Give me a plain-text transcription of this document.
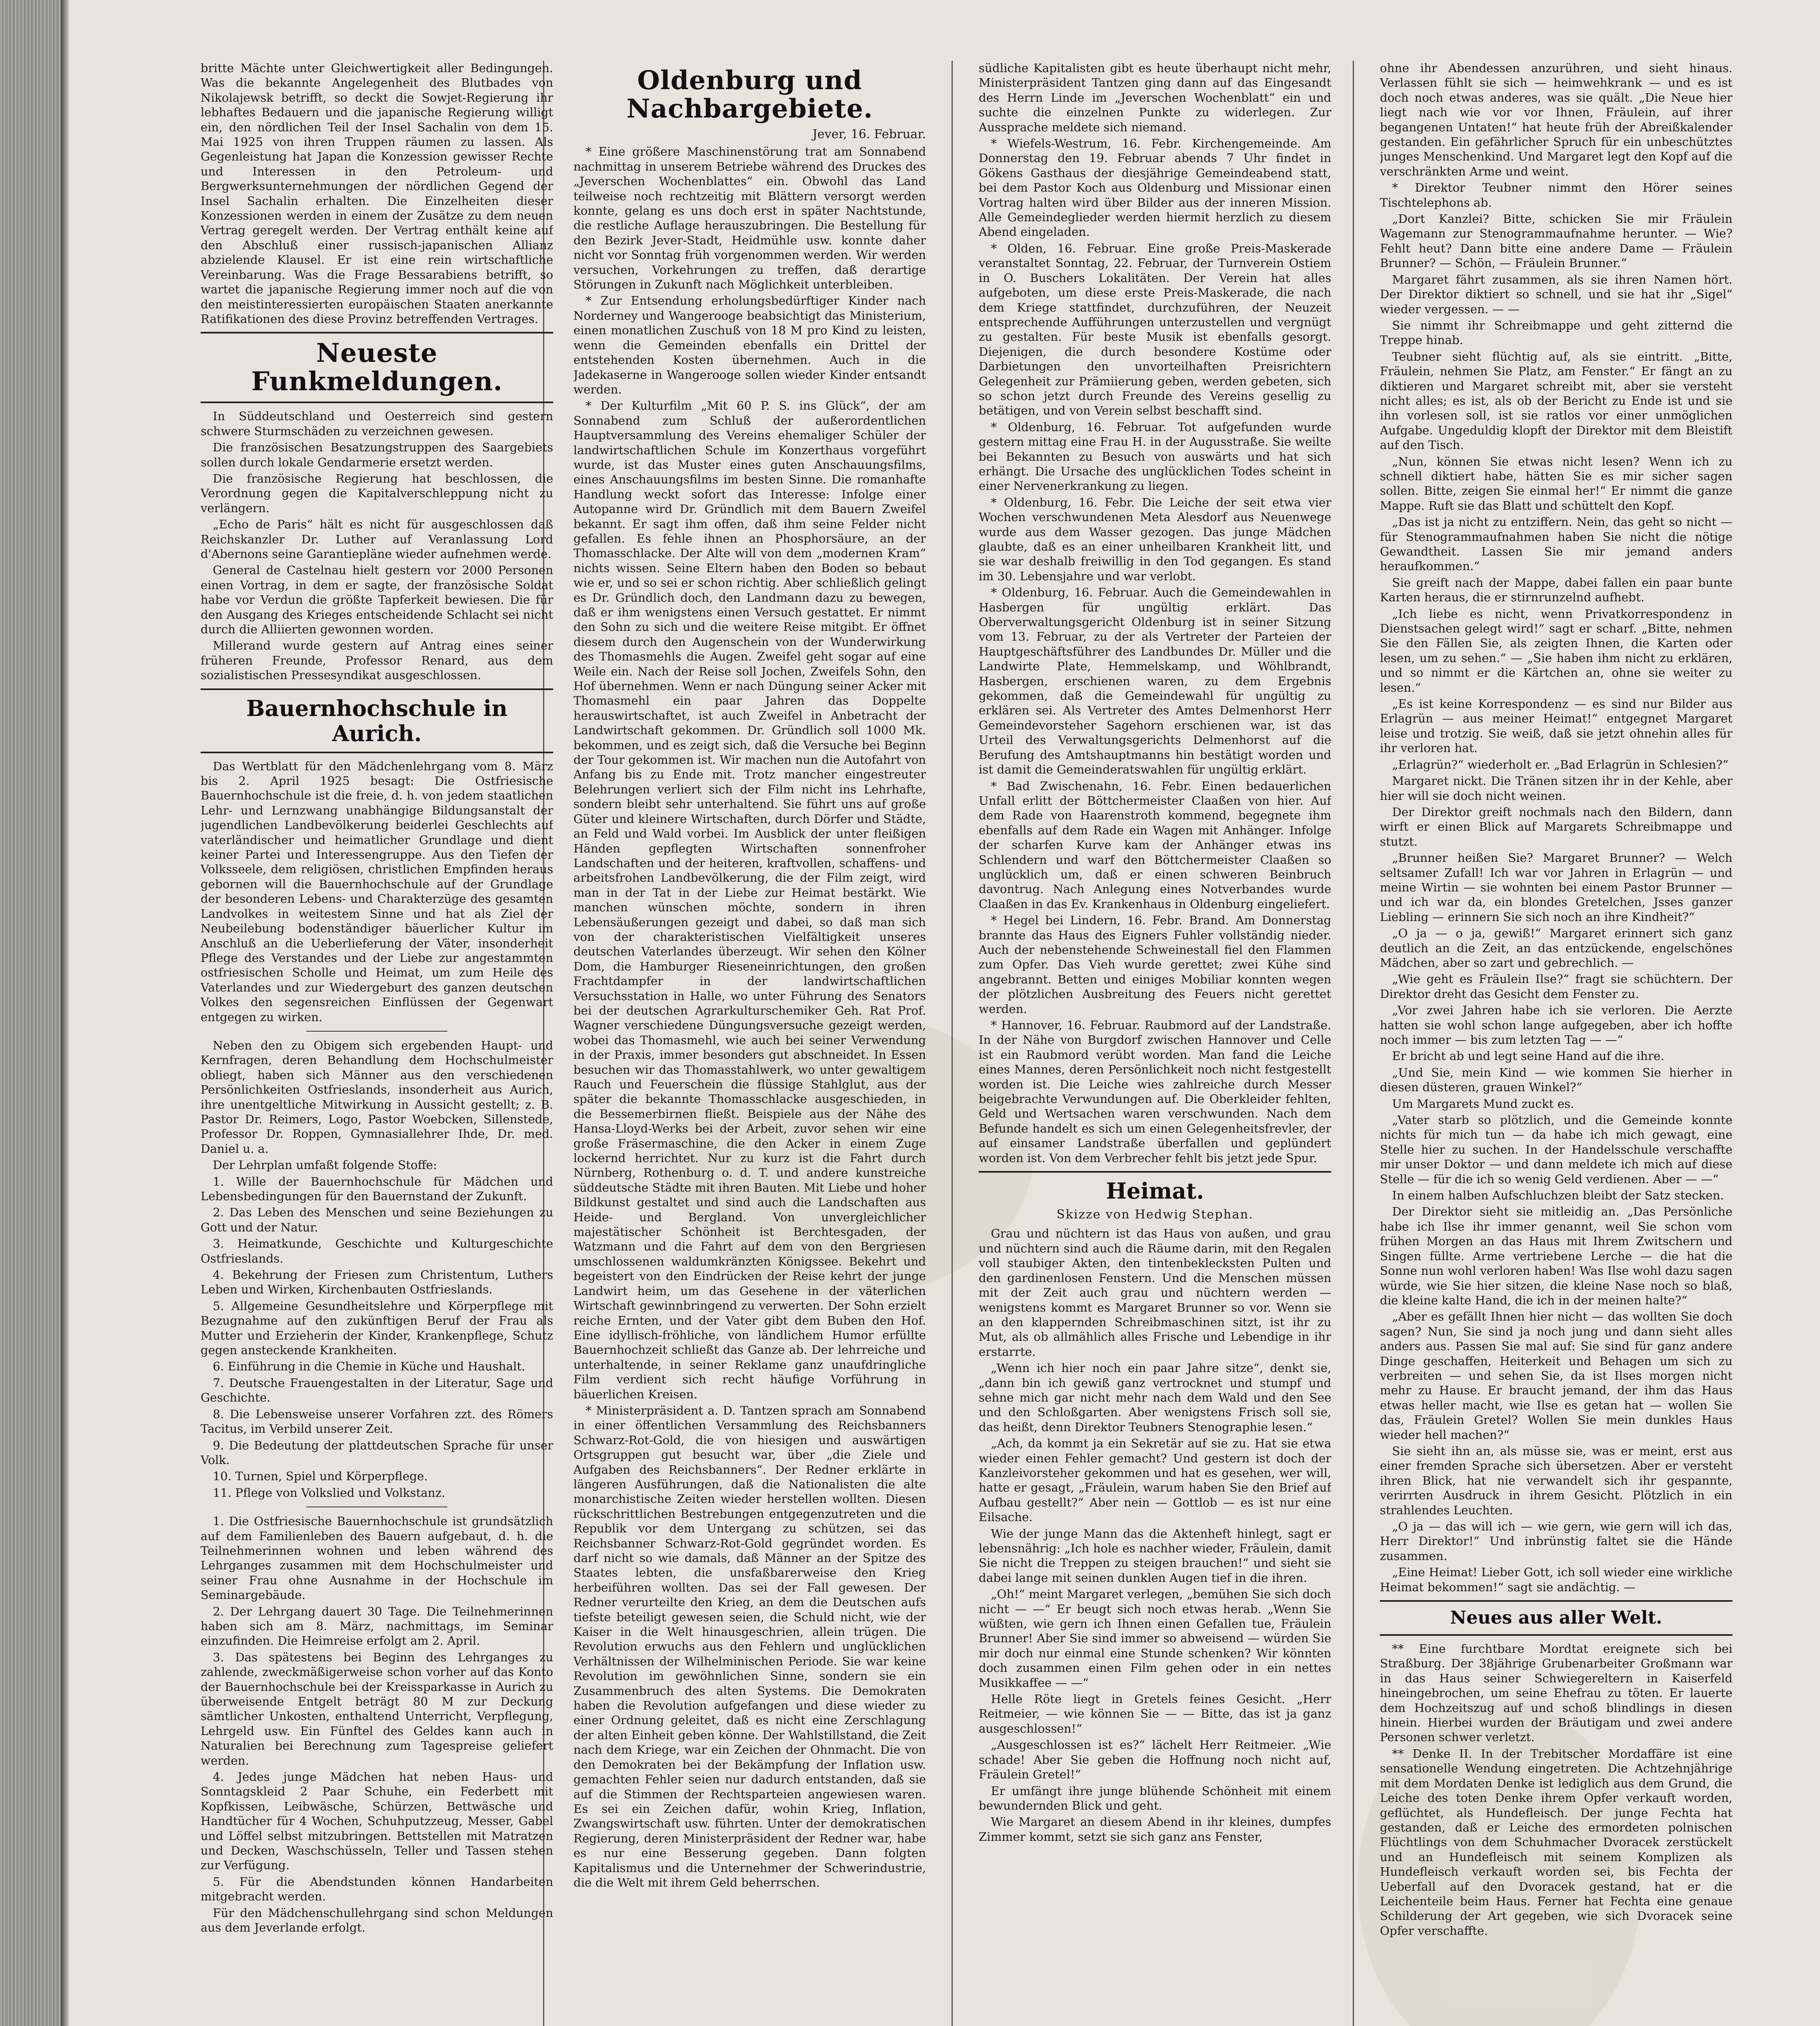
britte Mächte unter Gleichwertigkeit aller Bedingungen. Was die bekannte Angelegenheit des Blutbades von Nikolajewsk betrifft, so deckt die Sowjet-Regierung ihr lebhaftes Bedauern und die japanische Regierung willigt ein, den nördlichen Teil der Insel Sachalin von dem 15. Mai 1925 von ihren Truppen räumen zu lassen. Als Gegenleistung hat Japan die Konzession gewisser Rechte und Interessen in den Petroleum- und Bergwerksunternehmungen der nördlichen Gegend der Insel Sachalin erhalten. Die Einzelheiten dieser Konzessionen werden in einem der Zusätze zu dem neuen Vertrag geregelt werden. Der Vertrag enthält keine auf den Abschluß einer russisch-japanischen Allianz abzielende Klausel. Er ist eine rein wirtschaftliche Vereinbarung. Was die Frage Bessarabiens betrifft, so wartet die japanische Regierung immer noch auf die von den meistinteressierten europäischen Staaten anerkannte Ratifikationen des diese Provinz betreffenden Vertrages.

Neueste Funkmeldungen.

In Süddeutschland und Oesterreich sind gestern schwere Sturmschäden zu verzeichnen gewesen.

Die französischen Besatzungstruppen des Saargebiets sollen durch lokale Gendarmerie ersetzt werden.

Die französische Regierung hat beschlossen, die Verordnung gegen die Kapitalverschleppung nicht zu verlängern.

„Echo de Paris“ hält es nicht für ausgeschlossen daß Reichskanzler Dr. Luther auf Veranlassung Lord d'Abernons seine Garantiepläne wieder aufnehmen werde.

General de Castelnau hielt gestern vor 2000 Personen einen Vortrag, in dem er sagte, der französische Soldat habe vor Verdun die größte Tapferkeit bewiesen. Die für den Ausgang des Krieges entscheidende Schlacht sei nicht durch die Alliierten gewonnen worden.

Millerand wurde gestern auf Antrag eines seiner früheren Freunde, Professor Renard, aus dem sozialistischen Pressesyndikat ausgeschlossen.

Bauernhochschule in Aurich.

Das Wertblatt für den Mädchenlehrgang vom 8. März bis 2. April 1925 besagt: Die Ostfriesische Bauernhochschule ist die freie, d. h. von jedem staatlichen Lehr- und Lernzwang unabhängige Bildungsanstalt der jugendlichen Landbevölkerung beiderlei Geschlechts auf vaterländischer und heimatlicher Grundlage und dient keiner Partei und Interessengruppe. Aus den Tiefen der Volksseele, dem religiösen, christlichen Empfinden heraus gebornen will die Bauernhochschule auf der Grundlage der besonderen Lebens- und Charakterzüge des gesamten Landvolkes in weitestem Sinne und hat als Ziel der Neubeilebung bodenständiger bäuerlicher Kultur im Anschluß an die Ueberlieferung der Väter, insonderheit Pflege des Verstandes und der Liebe zur angestammten ostfriesischen Scholle und Heimat, um zum Heile des Vaterlandes und zur Wiedergeburt des ganzen deutschen Volkes den segensreichen Einflüssen der Gegenwart entgegen zu wirken.

Neben den zu Obigem sich ergebenden Haupt- und Kernfragen, deren Behandlung dem Hochschulmeister obliegt, haben sich Männer aus den verschiedenen Persönlichkeiten Ostfrieslands, insonderheit aus Aurich, ihre unentgeltliche Mitwirkung in Aussicht gestellt; z. B. Pastor Dr. Reimers, Logo, Pastor Woebcken, Sillenstede, Professor Dr. Roppen, Gymnasiallehrer Ihde, Dr. med. Daniel u. a.

Der Lehrplan umfaßt folgende Stoffe:

1. Wille der Bauernhochschule für Mädchen und Lebensbedingungen für den Bauernstand der Zukunft.

2. Das Leben des Menschen und seine Beziehungen zu Gott und der Natur.

3. Heimatkunde, Geschichte und Kulturgeschichte Ostfrieslands.

4. Bekehrung der Friesen zum Christentum, Luthers Leben und Wirken, Kirchenbauten Ostfrieslands.

5. Allgemeine Gesundheitslehre und Körperpflege mit Bezugnahme auf den zukünftigen Beruf der Frau als Mutter und Erzieherin der Kinder, Krankenpflege, Schutz gegen ansteckende Krankheiten.

6. Einführung in die Chemie in Küche und Haushalt.

7. Deutsche Frauengestalten in der Literatur, Sage und Geschichte.

8. Die Lebensweise unserer Vorfahren zzt. des Römers Tacitus, im Verbild unserer Zeit.

9. Die Bedeutung der plattdeutschen Sprache für unser Volk.

10. Turnen, Spiel und Körperpflege.

11. Pflege von Volkslied und Volkstanz.

1. Die Ostfriesische Bauernhochschule ist grundsätzlich auf dem Familienleben des Bauern aufgebaut, d. h. die Teilnehmerinnen wohnen und leben während des Lehrganges zusammen mit dem Hochschulmeister und seiner Frau ohne Ausnahme in der Hochschule im Seminargebäude.

2. Der Lehrgang dauert 30 Tage. Die Teilnehmerinnen haben sich am 8. März, nachmittags, im Seminar einzufinden. Die Heimreise erfolgt am 2. April.

3. Das spätestens bei Beginn des Lehrganges zu zahlende, zweckmäßigerweise schon vorher auf das Konto der Bauernhochschule bei der Kreissparkasse in Aurich zu überweisende Entgelt beträgt 80 M zur Deckung sämtlicher Unkosten, enthaltend Unterricht, Verpflegung, Lehrgeld usw. Ein Fünftel des Geldes kann auch in Naturalien bei Berechnung zum Tagespreise geliefert werden.

4. Jedes junge Mädchen hat neben Haus- und Sonntagskleid 2 Paar Schuhe, ein Federbett mit Kopfkissen, Leibwäsche, Schürzen, Bettwäsche und Handtücher für 4 Wochen, Schuhputzzeug, Messer, Gabel und Löffel selbst mitzubringen. Bettstellen mit Matratzen und Decken, Waschschüsseln, Teller und Tassen stehen zur Verfügung.

5. Für die Abendstunden können Handarbeiten mitgebracht werden.

Für den Mädchenschullehrgang sind schon Meldungen aus dem Jeverlande erfolgt.

Oldenburg und Nachbargebiete.
Jever, 16. Februar.

* Eine größere Maschinenstörung trat am Sonnabend nachmittag in unserem Betriebe während des Druckes des „Jeverschen Wochenblattes“ ein. Obwohl das Land teilweise noch rechtzeitig mit Blättern versorgt werden konnte, gelang es uns doch erst in später Nachtstunde, die restliche Auflage herauszubringen. Die Bestellung für den Bezirk Jever-Stadt, Heidmühle usw. konnte daher nicht vor Sonntag früh vorgenommen werden. Wir werden versuchen, Vorkehrungen zu treffen, daß derartige Störungen in Zukunft nach Möglichkeit unterbleiben.

* Zur Entsendung erholungsbedürftiger Kinder nach Norderney und Wangerooge beabsichtigt das Ministerium, einen monatlichen Zuschuß von 18 M pro Kind zu leisten, wenn die Gemeinden ebenfalls ein Drittel der entstehenden Kosten übernehmen. Auch in die Jadekaserne in Wangerooge sollen wieder Kinder entsandt werden.

* Der Kulturfilm „Mit 60 P. S. ins Glück“, der am Sonnabend zum Schluß der außerordentlichen Hauptversammlung des Vereins ehemaliger Schüler der landwirtschaftlichen Schule im Konzerthaus vorgeführt wurde, ist das Muster eines guten Anschauungsfilms, eines Anschauungsfilms im besten Sinne. Die romanhafte Handlung weckt sofort das Interesse: Infolge einer Autopanne wird Dr. Gründlich mit dem Bauern Zweifel bekannt. Er sagt ihm offen, daß ihm seine Felder nicht gefallen. Es fehle ihnen an Phosphorsäure, an der Thomasschlacke. Der Alte will von dem „modernen Kram“ nichts wissen. Seine Eltern haben den Boden so bebaut wie er, und so sei er schon richtig. Aber schließlich gelingt es Dr. Gründlich doch, den Landmann dazu zu bewegen, daß er ihm wenigstens einen Versuch gestattet. Er nimmt den Sohn zu sich und die weitere Reise mitgibt. Er öffnet diesem durch den Augenschein von der Wunderwirkung des Thomasmehls die Augen. Zweifel geht sogar auf eine Weile ein. Nach der Reise soll Jochen, Zweifels Sohn, den Hof übernehmen. Wenn er nach Düngung seiner Acker mit Thomasmehl ein paar Jahren das Doppelte herauswirtschaftet, ist auch Zweifel in Anbetracht der Landwirtschaft gekommen. Dr. Gründlich soll 1000 Mk. bekommen, und es zeigt sich, daß die Versuche bei Beginn der Tour gekommen ist. Wir machen nun die Autofahrt von Anfang bis zu Ende mit. Trotz mancher eingestreuter Belehrungen verliert sich der Film nicht ins Lehrhafte, sondern bleibt sehr unterhaltend. Sie führt uns auf große Güter und kleinere Wirtschaften, durch Dörfer und Städte, an Feld und Wald vorbei. Im Ausblick der unter fleißigen Händen gepflegten Wirtschaften sonnenfroher Landschaften und der heiteren, kraftvollen, schaffens- und arbeitsfrohen Landbevölkerung, die der Film zeigt, wird man in der Tat in der Liebe zur Heimat bestärkt. Wie manchen wünschen möchte, sondern in ihren Lebensäußerungen gezeigt und dabei, so daß man sich von der charakteristischen Vielfältigkeit unseres deutschen Vaterlandes überzeugt. Wir sehen den Kölner Dom, die Hamburger Rieseneinrichtungen, den großen Frachtdampfer in der landwirtschaftlichen Versuchsstation in Halle, wo unter Führung des Senators bei der deutschen Agrarkulturschemiker Geh. Rat Prof. Wagner verschiedene Düngungsversuche gezeigt werden, wobei das Thomasmehl, wie auch bei seiner Verwendung in der Praxis, immer besonders gut abschneidet. In Essen besuchen wir das Thomasstahlwerk, wo unter gewaltigem Rauch und Feuerschein die flüssige Stahlglut, aus der später die bekannte Thomasschlacke ausgeschieden, in die Bessemerbirnen fließt. Beispiele aus der Nähe des Hansa-Lloyd-Werks bei der Arbeit, zuvor sehen wir eine große Fräsermaschine, die den Acker in einem Zuge lockernd herrichtet. Nur zu kurz ist die Fahrt durch Nürnberg, Rothenburg o. d. T. und andere kunstreiche süddeutsche Städte mit ihren Bauten. Mit Liebe und hoher Bildkunst gestaltet und sind auch die Landschaften aus Heide- und Bergland. Von unvergleichlicher majestätischer Schönheit ist Berchtesgaden, der Watzmann und die Fahrt auf dem von den Bergriesen umschlossenen waldumkränzten Königssee. Bekehrt und begeistert von den Eindrücken der Reise kehrt der junge Landwirt heim, um das Gesehene in der väterlichen Wirtschaft gewinnbringend zu verwerten. Der Sohn erzielt reiche Ernten, und der Vater gibt dem Buben den Hof. Eine idyllisch-fröhliche, von ländlichem Humor erfüllte Bauernhochzeit schließt das Ganze ab. Der lehrreiche und unterhaltende, in seiner Reklame ganz unaufdringliche Film verdient sich recht häufige Vorführung in bäuerlichen Kreisen.

* Ministerpräsident a. D. Tantzen sprach am Sonnabend in einer öffentlichen Versammlung des Reichsbanners Schwarz-Rot-Gold, die von hiesigen und auswärtigen Ortsgruppen gut besucht war, über „die Ziele und Aufgaben des Reichsbanners“. Der Redner erklärte in längeren Ausführungen, daß die Nationalisten die alte monarchistische Zeiten wieder herstellen wollten. Diesen rückschrittlichen Bestrebungen entgegenzutreten und die Republik vor dem Untergang zu schützen, sei das Reichsbanner Schwarz-Rot-Gold gegründet worden. Es darf nicht so wie damals, daß Männer an der Spitze des Staates lebten, die unsfaßbarerweise den Krieg herbeiführen wollten. Das sei der Fall gewesen. Der Redner verurteilte den Krieg, an dem die Deutschen aufs tiefste beteiligt gewesen seien, die Schuld nicht, wie der Kaiser in die Welt hinausgeschrien, allein trügen. Die Revolution erwuchs aus den Fehlern und unglücklichen Verhältnissen der Wilhelminischen Periode. Sie war keine Revolution im gewöhnlichen Sinne, sondern sie ein Zusammenbruch des alten Systems. Die Demokraten haben die Revolution aufgefangen und diese wieder zu einer Ordnung geleitet, daß es nicht eine Zerschlagung der alten Einheit geben könne. Der Wahlstillstand, die Zeit nach dem Kriege, war ein Zeichen der Ohnmacht. Die von den Demokraten bei der Bekämpfung der Inflation usw. gemachten Fehler seien nur dadurch entstanden, daß sie auf die Stimmen der Rechtsparteien angewiesen waren. Es sei ein Zeichen dafür, wohin Krieg, Inflation, Zwangswirtschaft usw. führten. Unter der demokratischen Regierung, deren Ministerpräsident der Redner war, habe es nur eine Besserung gegeben. Dann folgten Kapitalismus und die Unternehmer der Schwerindustrie, die die Welt mit ihrem Geld beherrschen.

südliche Kapitalisten gibt es heute überhaupt nicht mehr, Ministerpräsident Tantzen ging dann auf das Eingesandt des Herrn Linde im „Jeverschen Wochenblatt“ ein und suchte die einzelnen Punkte zu widerlegen. Zur Aussprache meldete sich niemand.

* Wiefels-Westrum, 16. Febr. Kirchengemeinde. Am Donnerstag den 19. Februar abends 7 Uhr findet in Gökens Gasthaus der diesjährige Gemeindeabend statt, bei dem Pastor Koch aus Oldenburg und Missionar einen Vortrag halten wird über Bilder aus der inneren Mission. Alle Gemeindeglieder werden hiermit herzlich zu diesem Abend eingeladen.

* Olden, 16. Februar. Eine große Preis-Maskerade veranstaltet Sonntag, 22. Februar, der Turnverein Ostiem in O. Buschers Lokalitäten. Der Verein hat alles aufgeboten, um diese erste Preis-Maskerade, die nach dem Kriege stattfindet, durchzuführen, der Neuzeit entsprechende Aufführungen unterzustellen und vergnügt zu gestalten. Für beste Musik ist ebenfalls gesorgt. Diejenigen, die durch besondere Kostüme oder Darbietungen den unvorteilhaften Preisrichtern Gelegenheit zur Prämiierung geben, werden gebeten, sich so schon jetzt durch Freunde des Vereins gesellig zu betätigen, und von Verein selbst beschafft sind.

* Oldenburg, 16. Februar. Tot aufgefunden wurde gestern mittag eine Frau H. in der Augusstraße. Sie weilte bei Bekannten zu Besuch von auswärts und hat sich erhängt. Die Ursache des unglücklichen Todes scheint in einer Nervenerkrankung zu liegen.

* Oldenburg, 16. Febr. Die Leiche der seit etwa vier Wochen verschwundenen Meta Alesdorf aus Neuenwege wurde aus dem Wasser gezogen. Das junge Mädchen glaubte, daß es an einer unheilbaren Krankheit litt, und sie war deshalb freiwillig in den Tod gegangen. Es stand im 30. Lebensjahre und war verlobt.

* Oldenburg, 16. Februar. Auch die Gemeindewahlen in Hasbergen für ungültig erklärt. Das Oberverwaltungsgericht Oldenburg ist in seiner Sitzung vom 13. Februar, zu der als Vertreter der Parteien der Hauptgeschäftsführer des Landbundes Dr. Müller und die Landwirte Plate, Hemmelskamp, und Wöhlbrandt, Hasbergen, erschienen waren, zu dem Ergebnis gekommen, daß die Gemeindewahl für ungültig zu erklären sei. Als Vertreter des Amtes Delmenhorst Herr Gemeindevorsteher Sagehorn erschienen war, ist das Urteil des Verwaltungsgerichts Delmenhorst auf die Berufung des Amtshauptmanns hin bestätigt worden und ist damit die Gemeinderatswahlen für ungültig erklärt.

* Bad Zwischenahn, 16. Febr. Einen bedauerlichen Unfall erlitt der Böttchermeister Claaßen von hier. Auf dem Rade von Haarenstroth kommend, begegnete ihm ebenfalls auf dem Rade ein Wagen mit Anhänger. Infolge der scharfen Kurve kam der Anhänger etwas ins Schlendern und warf den Böttchermeister Claaßen so unglücklich um, daß er einen schweren Beinbruch davontrug. Nach Anlegung eines Notverbandes wurde Claaßen in das Ev. Krankenhaus in Oldenburg eingeliefert.

* Hegel bei Lindern, 16. Febr. Brand. Am Donnerstag brannte das Haus des Eigners Fuhler vollständig nieder. Auch der nebenstehende Schweinestall fiel den Flammen zum Opfer. Das Vieh wurde gerettet; zwei Kühe sind angebrannt. Betten und einiges Mobiliar konnten wegen der plötzlichen Ausbreitung des Feuers nicht gerettet werden.

* Hannover, 16. Februar. Raubmord auf der Landstraße. In der Nähe von Burgdorf zwischen Hannover und Celle ist ein Raubmord verübt worden. Man fand die Leiche eines Mannes, deren Persönlichkeit noch nicht festgestellt worden ist. Die Leiche wies zahlreiche durch Messer beigebrachte Verwundungen auf. Die Oberkleider fehlten, Geld und Wertsachen waren verschwunden. Nach dem Befunde handelt es sich um einen Gelegenheitsfrevler, der auf einsamer Landstraße überfallen und geplündert worden ist. Von dem Verbrecher fehlt bis jetzt jede Spur.

Heimat.
Skizze von Hedwig Stephan.

Grau und nüchtern ist das Haus von außen, und grau und nüchtern sind auch die Räume darin, mit den Regalen voll staubiger Akten, den tintenbeklecksten Pulten und den gardinenlosen Fenstern. Und die Menschen müssen mit der Zeit auch grau und nüchtern werden — wenigstens kommt es Margaret Brunner so vor. Wenn sie an den klappernden Schreibmaschinen sitzt, ist ihr zu Mut, als ob allmählich alles Frische und Lebendige in ihr erstarrte.

„Wenn ich hier noch ein paar Jahre sitze“, denkt sie, „dann bin ich gewiß ganz vertrocknet und stumpf und sehne mich gar nicht mehr nach dem Wald und den See und den Schloßgarten. Aber wenigstens Frisch soll sie, das heißt, denn Direktor Teubners Stenographie lesen.“

„Ach, da kommt ja ein Sekretär auf sie zu. Hat sie etwa wieder einen Fehler gemacht? Und gestern ist doch der Kanzleivorsteher gekommen und hat es gesehen, wer will, hatte er gesagt, „Fräulein, warum haben Sie den Brief auf Aufbau gestellt?“ Aber nein — Gottlob — es ist nur eine Eilsache.

Wie der junge Mann das die Aktenheft hinlegt, sagt er lebensnährig: „Ich hole es nachher wieder, Fräulein, damit Sie nicht die Treppen zu steigen brauchen!“ und sieht sie dabei lange mit seinen dunklen Augen tief in die ihren.

„Oh!“ meint Margaret verlegen, „bemühen Sie sich doch nicht — —“ Er beugt sich noch etwas herab. „Wenn Sie wüßten, wie gern ich Ihnen einen Gefallen tue, Fräulein Brunner! Aber Sie sind immer so abweisend — würden Sie mir doch nur einmal eine Stunde schenken? Wir könnten doch zusammen einen Film gehen oder in ein nettes Musikkaffee — —“

Helle Röte liegt in Gretels feines Gesicht. „Herr Reitmeier, — wie können Sie — — Bitte, das ist ja ganz ausgeschlossen!“

„Ausgeschlossen ist es?“ lächelt Herr Reitmeier. „Wie schade! Aber Sie geben die Hoffnung noch nicht auf, Fräulein Gretel!“

Er umfängt ihre junge blühende Schönheit mit einem bewundernden Blick und geht.

Wie Margaret an diesem Abend in ihr kleines, dumpfes Zimmer kommt, setzt sie sich ganz ans Fenster,

ohne ihr Abendessen anzurühren, und sieht hinaus. Verlassen fühlt sie sich — heimwehkrank — und es ist doch noch etwas anderes, was sie quält. „Die Neue hier liegt nach wie vor vor Ihnen, Fräulein, auf ihrer begangenen Untaten!“ hat heute früh der Abreißkalender gestanden. Ein gefährlicher Spruch für ein unbeschütztes junges Menschenkind. Und Margaret legt den Kopf auf die verschränkten Arme und weint.

* Direktor Teubner nimmt den Hörer seines Tischtelephons ab.

„Dort Kanzlei? Bitte, schicken Sie mir Fräulein Wagemann zur Stenogrammaufnahme herunter. — Wie? Fehlt heut? Dann bitte eine andere Dame — Fräulein Brunner? — Schön, — Fräulein Brunner.“

Margaret fährt zusammen, als sie ihren Namen hört. Der Direktor diktiert so schnell, und sie hat ihr „Sigel“ wieder vergessen. — —

Sie nimmt ihr Schreibmappe und geht zitternd die Treppe hinab.

Teubner sieht flüchtig auf, als sie eintritt. „Bitte, Fräulein, nehmen Sie Platz, am Fenster.“ Er fängt an zu diktieren und Margaret schreibt mit, aber sie versteht nicht alles; es ist, als ob der Bericht zu Ende ist und sie ihn vorlesen soll, ist sie ratlos vor einer unmöglichen Aufgabe. Ungeduldig klopft der Direktor mit dem Bleistift auf den Tisch.

„Nun, können Sie etwas nicht lesen? Wenn ich zu schnell diktiert habe, hätten Sie es mir sicher sagen sollen. Bitte, zeigen Sie einmal her!“ Er nimmt die ganze Mappe. Ruft sie das Blatt und schüttelt den Kopf.

„Das ist ja nicht zu entziffern. Nein, das geht so nicht — für Stenogrammaufnahmen haben Sie nicht die nötige Gewandtheit. Lassen Sie mir jemand anders heraufkommen.“

Sie greift nach der Mappe, dabei fallen ein paar bunte Karten heraus, die er stirnrunzelnd aufhebt.

„Ich liebe es nicht, wenn Privatkorrespondenz in Dienstsachen gelegt wird!“ sagt er scharf. „Bitte, nehmen Sie den Fällen Sie, als zeigten Ihnen, die Karten oder lesen, um zu sehen.“ — „Sie haben ihm nicht zu erklären, und so nimmt er die Kärtchen an, ohne sie weiter zu lesen.“

„Es ist keine Korrespondenz — es sind nur Bilder aus Erlagrün — aus meiner Heimat!“ entgegnet Margaret leise und trotzig. Sie weiß, daß sie jetzt ohnehin alles für ihr verloren hat.

„Erlagrün?“ wiederholt er. „Bad Erlagrün in Schlesien?“

Margaret nickt. Die Tränen sitzen ihr in der Kehle, aber hier will sie doch nicht weinen.

Der Direktor greift nochmals nach den Bildern, dann wirft er einen Blick auf Margarets Schreibmappe und stutzt.

„Brunner heißen Sie? Margaret Brunner? — Welch seltsamer Zufall! Ich war vor Jahren in Erlagrün — und meine Wirtin — sie wohnten bei einem Pastor Brunner — und ich war da, ein blondes Gretelchen, Jsses ganzer Liebling — erinnern Sie sich noch an ihre Kindheit?“

„O ja — o ja, gewiß!“ Margaret erinnert sich ganz deutlich an die Zeit, an das entzückende, engelschönes Mädchen, aber so zart und gebrechlich. —

„Wie geht es Fräulein Ilse?“ fragt sie schüchtern. Der Direktor dreht das Gesicht dem Fenster zu.

„Vor zwei Jahren habe ich sie verloren. Die Aerzte hatten sie wohl schon lange aufgegeben, aber ich hoffte noch immer — bis zum letzten Tag — —“

Er bricht ab und legt seine Hand auf die ihre.

„Und Sie, mein Kind — wie kommen Sie hierher in diesen düsteren, grauen Winkel?“

Um Margarets Mund zuckt es.

„Vater starb so plötzlich, und die Gemeinde konnte nichts für mich tun — da habe ich mich gewagt, eine Stelle hier zu suchen. In der Handelsschule verschaffte mir unser Doktor — und dann meldete ich mich auf diese Stelle — für die ich so wenig Geld verdienen. Aber — —“

In einem halben Aufschluchzen bleibt der Satz stecken.

Der Direktor sieht sie mitleidig an. „Das Persönliche habe ich Ilse ihr immer genannt, weil Sie schon vom frühen Morgen an das Haus mit Ihrem Zwitschern und Singen füllte. Arme vertriebene Lerche — die hat die Sonne nun wohl verloren haben! Was Ilse wohl dazu sagen würde, wie Sie hier sitzen, die kleine Nase noch so blaß, die kleine kalte Hand, die ich in der meinen halte?“

„Aber es gefällt Ihnen hier nicht — das wollten Sie doch sagen? Nun, Sie sind ja noch jung und dann sieht alles anders aus. Passen Sie mal auf: Sie sind für ganz andere Dinge geschaffen, Heiterkeit und Behagen um sich zu verbreiten — und sehen Sie, da ist Ilses morgen nicht mehr zu Hause. Er braucht jemand, der ihm das Haus etwas heller macht, wie Ilse es getan hat — wollen Sie das, Fräulein Gretel? Wollen Sie mein dunkles Haus wieder hell machen?“

Sie sieht ihn an, als müsse sie, was er meint, erst aus einer fremden Sprache sich übersetzen. Aber er versteht ihren Blick, hat nie verwandelt sich ihr gespannte, verirrten Ausdruck in ihrem Gesicht. Plötzlich in ein strahlendes Leuchten.

„O ja — das will ich — wie gern, wie gern will ich das, Herr Direktor!“ Und inbrünstig faltet sie die Hände zusammen.

„Eine Heimat! Lieber Gott, ich soll wieder eine wirkliche Heimat bekommen!“ sagt sie andächtig. —

Neues aus aller Welt.

** Eine furchtbare Mordtat ereignete sich bei Straßburg. Der 38jährige Grubenarbeiter Großmann war in das Haus seiner Schwiegereltern in Kaiserfeld hineingebrochen, um seine Ehefrau zu töten. Er lauerte dem Hochzeitszug auf und schoß blindlings in diesen hinein. Hierbei wurden der Bräutigam und zwei andere Personen schwer verletzt.

** Denke II. In der Trebitscher Mordaffäre ist eine sensationelle Wendung eingetreten. Die Achtzehnjährige mit dem Mordaten Denke ist lediglich aus dem Grund, die Leiche des toten Denke ihrem Opfer verkauft worden, geflüchtet, als Hundefleisch. Der junge Fechta hat gestanden, daß er Leiche des ermordeten polnischen Flüchtlings von dem Schuhmacher Dvoracek zerstückelt und an Hundefleisch mit seinem Komplizen als Hundefleisch verkauft worden sei, bis Fechta der Ueberfall auf den Dvoracek gestand, hat er die Leichenteile beim Haus. Ferner hat Fechta eine genaue Schilderung der Art gegeben, wie sich Dvoracek seine Opfer verschaffte.
